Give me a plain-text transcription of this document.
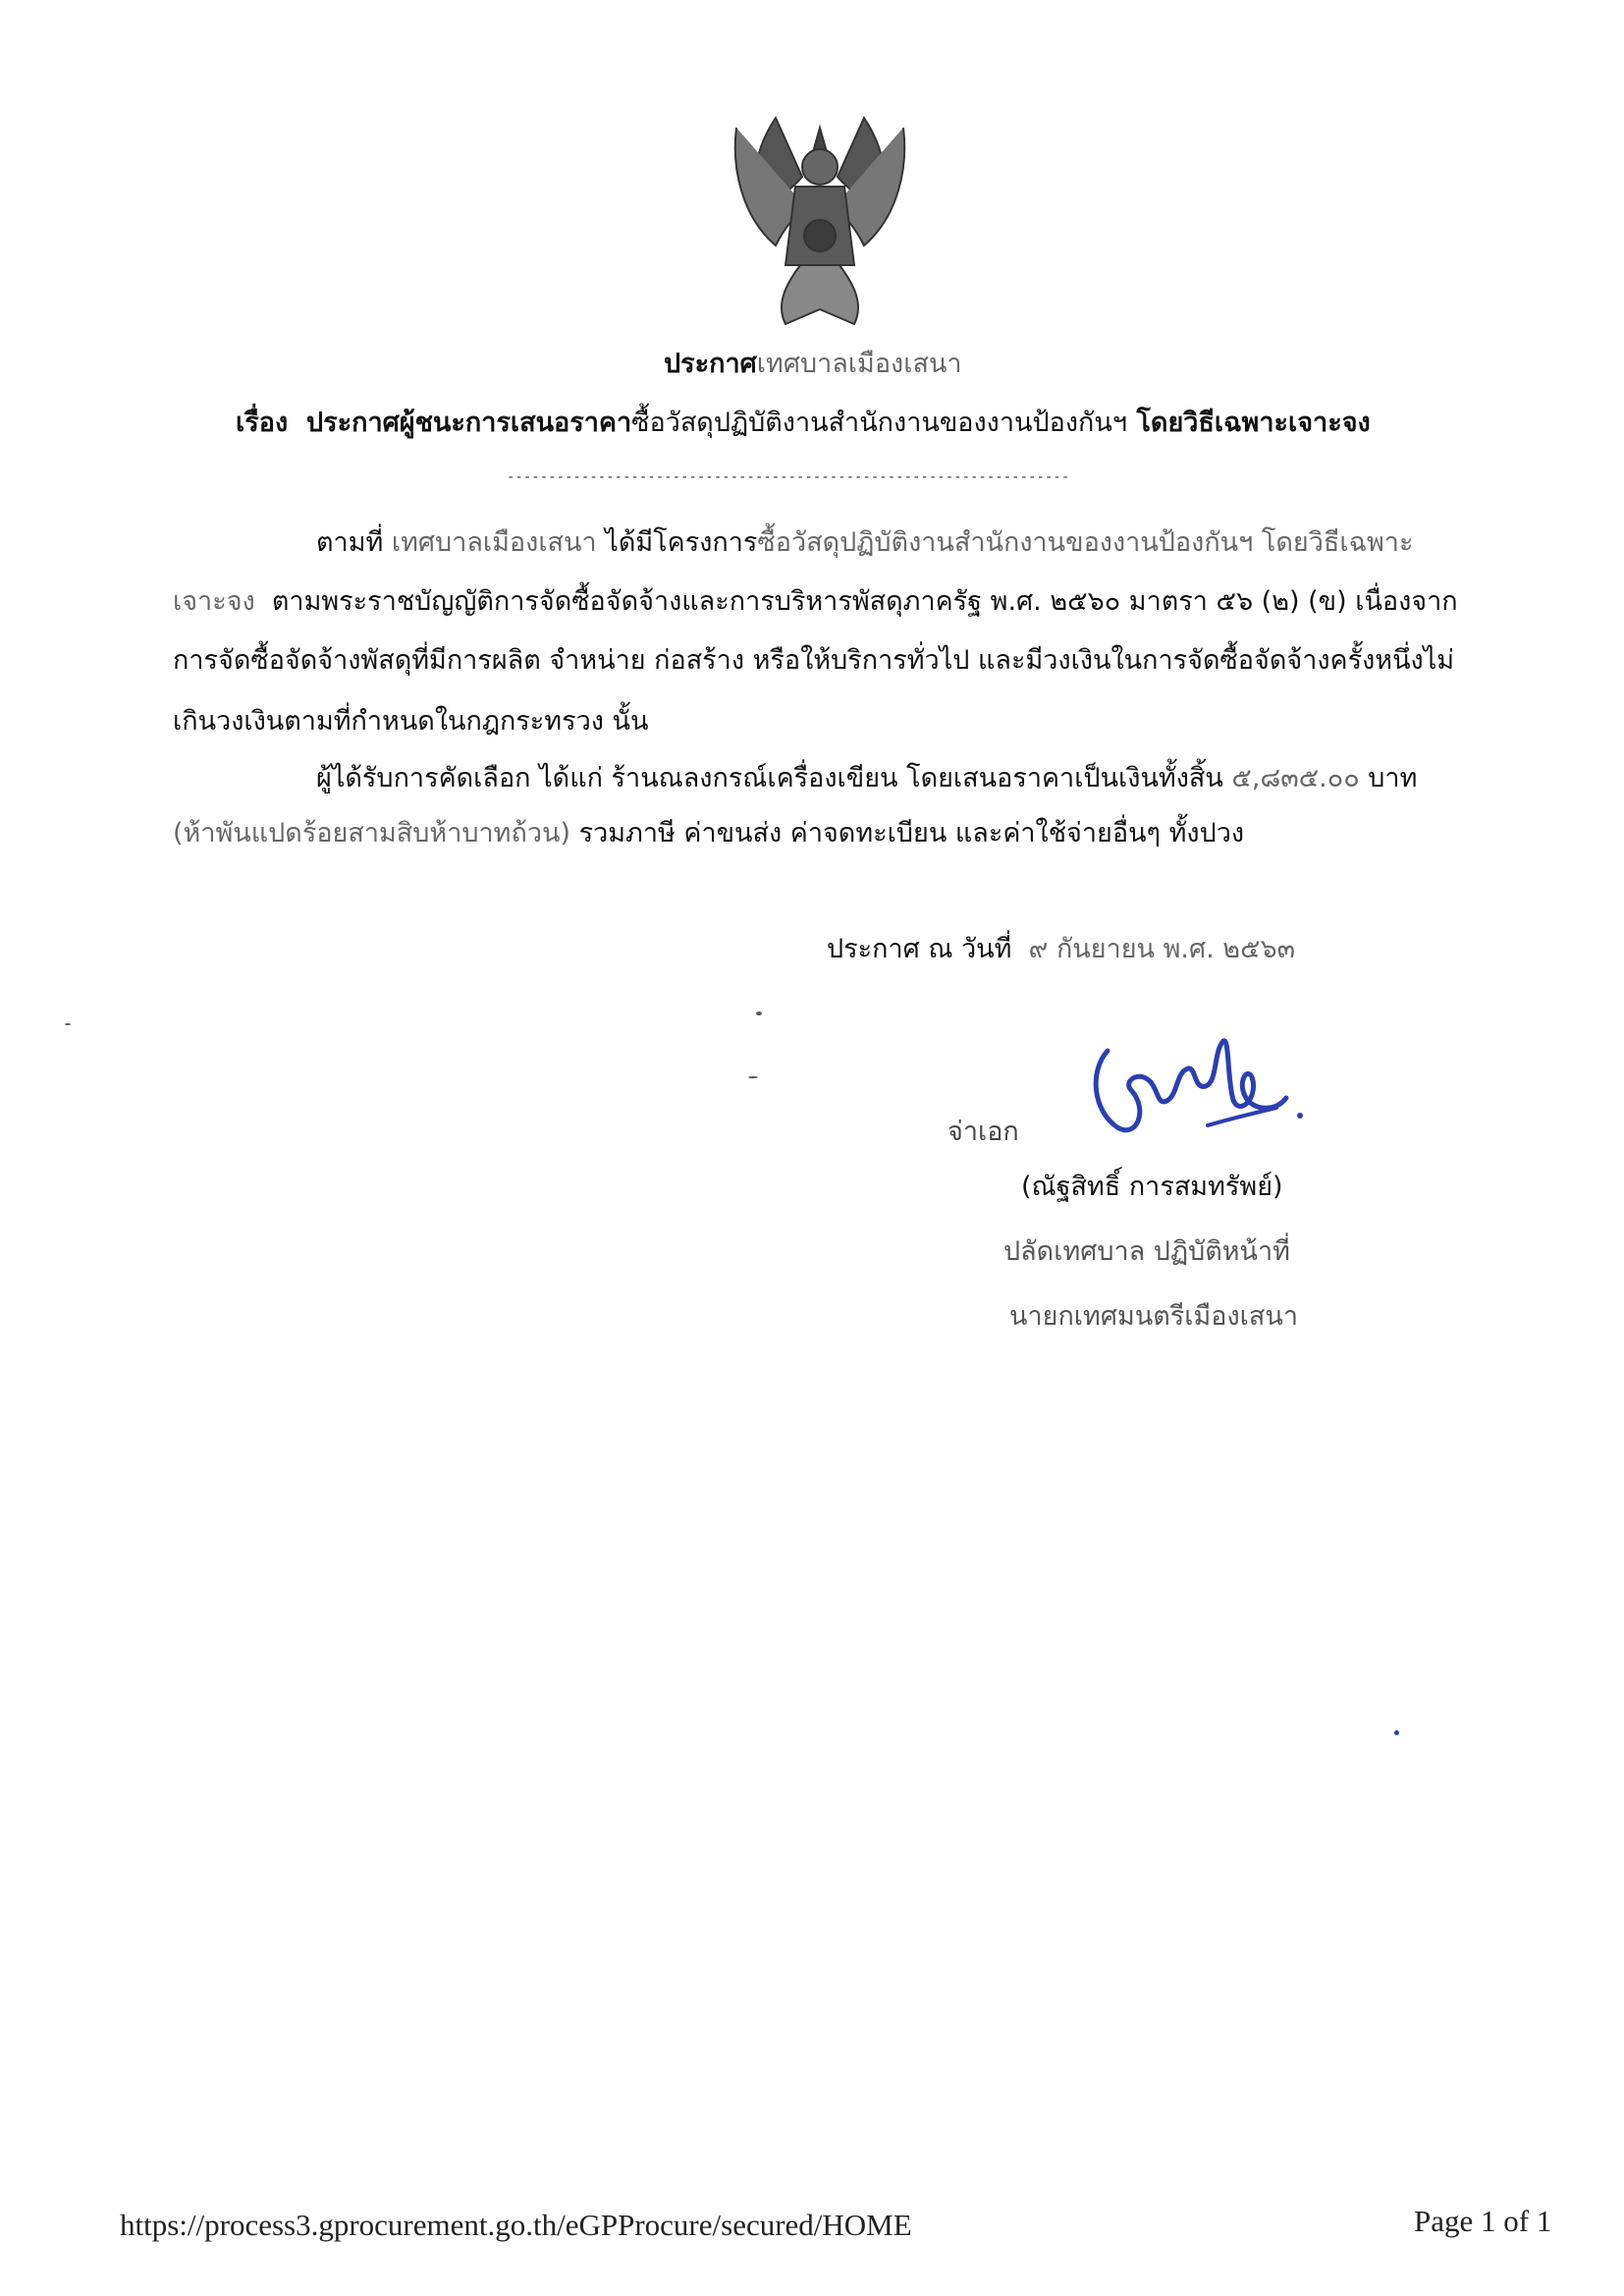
ประกาศเทศบาลเมืองเสนา
เรื่อง ประกาศผู้ชนะการเสนอราคาซื้อวัสดุปฏิบัติงานสำนักงานของงานป้องกันฯ โดยวิธีเฉพาะเจาะจง
--------------------------------------------------------------------
ตามที่ เทศบาลเมืองเสนา ได้มีโครงการซื้อวัสดุปฏิบัติงานสำนักงานของงานป้องกันฯ โดยวิธีเฉพาะ
เจาะจง ตามพระราชบัญญัติการจัดซื้อจัดจ้างและการบริหารพัสดุภาครัฐ พ.ศ. ๒๕๖๐ มาตรา ๕๖ (๒) (ข) เนื่องจาก
การจัดซื้อจัดจ้างพัสดุที่มีการผลิต จำหน่าย ก่อสร้าง หรือให้บริการทั่วไป และมีวงเงินในการจัดซื้อจัดจ้างครั้งหนึ่งไม่
เกินวงเงินตามที่กำหนดในกฎกระทรวง นั้น
ผู้ได้รับการคัดเลือก ได้แก่ ร้านณลงกรณ์เครื่องเขียน โดยเสนอราคาเป็นเงินทั้งสิ้น ๕,๘๓๕.๐๐ บาท
(ห้าพันแปดร้อยสามสิบห้าบาทถ้วน) รวมภาษี ค่าขนส่ง ค่าจดทะเบียน และค่าใช้จ่ายอื่นๆ ทั้งปวง
ประกาศ ณ วันที่ ๙ กันยายน พ.ศ. ๒๕๖๓
จ่าเอก
(ณัฐสิทธิ์ การสมทรัพย์)
ปลัดเทศบาล ปฏิบัติหน้าที่
นายกเทศมนตรีเมืองเสนา
https://process3.gprocurement.go.th/eGPProcure/secured/HOME	Page 1 of 1
